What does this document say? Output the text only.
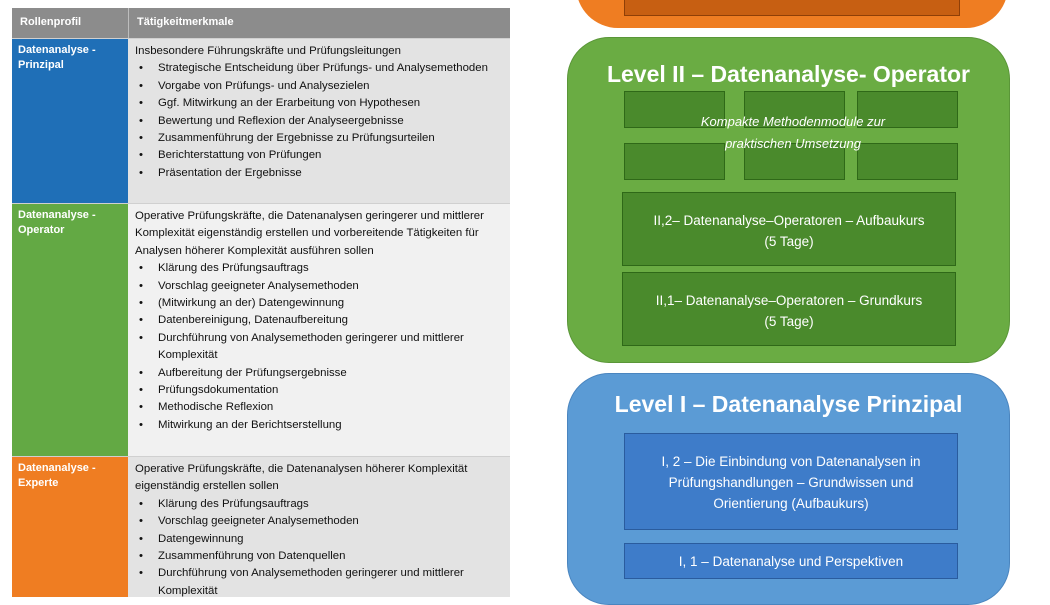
Rollenprofil	Tätigkeitmerkmale
Datenanalyse -
Prinzipal
Insbesondere Führungskräfte und Prüfungsleitungen
• Strategische Entscheidung über Prüfungs- und Analysemethoden
• Vorgabe von Prüfungs- und Analysezielen
• Ggf. Mitwirkung an der Erarbeitung von Hypothesen
• Bewertung und Reflexion der Analyseergebnisse
• Zusammenführung der Ergebnisse zu Prüfungsurteilen
• Berichterstattung von Prüfungen
• Präsentation der Ergebnisse
Datenanalyse -
Operator
Operative Prüfungskräfte, die Datenanalysen geringerer und mittlerer Komplexität eigenständig erstellen und vorbereitende Tätigkeiten für Analysen höherer Komplexität ausführen sollen
• Klärung des Prüfungsauftrags
• Vorschlag geeigneter Analysemethoden
• (Mitwirkung an der) Datengewinnung
• Datenbereinigung, Datenaufbereitung
• Durchführung von Analysemethoden geringerer und mittlerer Komplexität
• Aufbereitung der Prüfungsergebnisse
• Prüfungsdokumentation
• Methodische Reflexion
• Mitwirkung an der Berichtserstellung
Datenanalyse -
Experte
Operative Prüfungskräfte, die Datenanalysen höherer Komplexität eigenständig erstellen sollen
• Klärung des Prüfungsauftrags
• Vorschlag geeigneter Analysemethoden
• Datengewinnung
• Zusammenführung von Datenquellen
• Durchführung von Analysemethoden geringerer und mittlerer Komplexität
Level II – Datenanalyse- Operator
Kompakte Methodenmodule zur
praktischen Umsetzung
II,2– Datenanalyse–Operatoren – Aufbaukurs
(5 Tage)
II,1– Datenanalyse–Operatoren – Grundkurs
(5 Tage)
Level I – Datenanalyse Prinzipal
I, 2 – Die Einbindung von Datenanalysen in
Prüfungshandlungen – Grundwissen und
Orientierung (Aufbaukurs)
I, 1 – Datenanalyse und Perspektiven
